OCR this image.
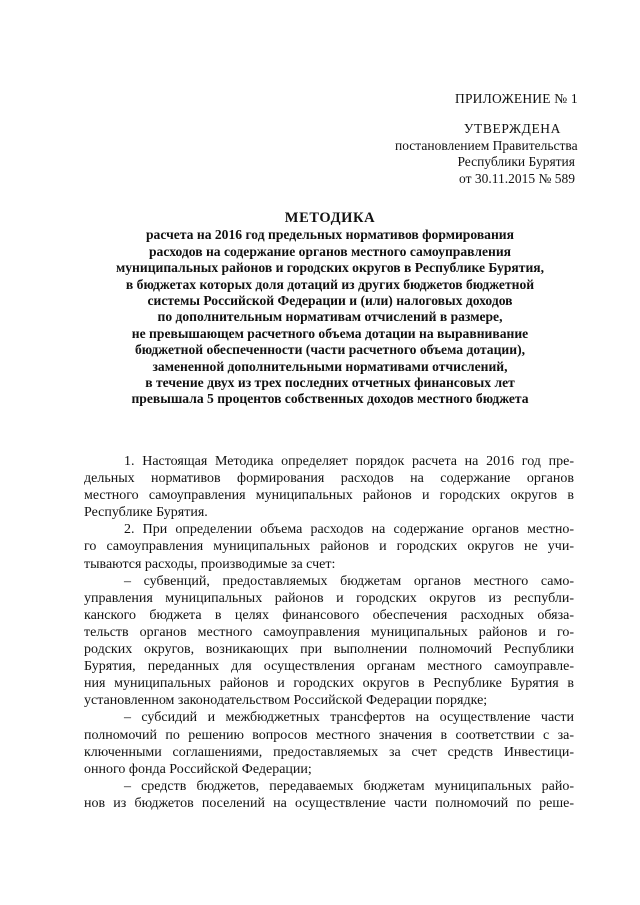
ПРИЛОЖЕНИЕ № 1
УТВЕРЖДЕНА
постановлением Правительства
Республики Бурятия
от 30.11.2015 № 589
МЕТОДИКА
расчета на 2016 год предельных нормативов формирования
расходов на содержание органов местного самоуправления
муниципальных районов и городских округов в Республике Бурятия,
в бюджетах которых доля дотаций из других бюджетов бюджетной
системы Российской Федерации и (или) налоговых доходов
по дополнительным нормативам отчислений в размере,
не превышающем расчетного объема дотации на выравнивание
бюджетной обеспеченности (части расчетного объема дотации),
замененной дополнительными нормативами отчислений,
в течение двух из трех последних отчетных финансовых лет
превышала 5 процентов собственных доходов местного бюджета
1. Настоящая Методика определяет порядок расчета на 2016 год пре-
дельных нормативов формирования расходов на содержание органов
местного самоуправления муниципальных районов и городских округов в
Республике Бурятия.
2. При определении объема расходов на содержание органов местно-
го самоуправления муниципальных районов и городских округов не учи-
тываются расходы, производимые за счет:
– субвенций, предоставляемых бюджетам органов местного само-
управления муниципальных районов и городских округов из республи-
канского бюджета в целях финансового обеспечения расходных обяза-
тельств органов местного самоуправления муниципальных районов и го-
родских округов, возникающих при выполнении полномочий Республики
Бурятия, переданных для осуществления органам местного самоуправле-
ния муниципальных районов и городских округов в Республике Бурятия в
установленном законодательством Российской Федерации порядке;
– субсидий и межбюджетных трансфертов на осуществление части
полномочий по решению вопросов местного значения в соответствии с за-
ключенными соглашениями, предоставляемых за счет средств Инвестици-
онного фонда Российской Федерации;
– средств бюджетов, передаваемых бюджетам муниципальных райо-
нов из бюджетов поселений на осуществление части полномочий по реше-
